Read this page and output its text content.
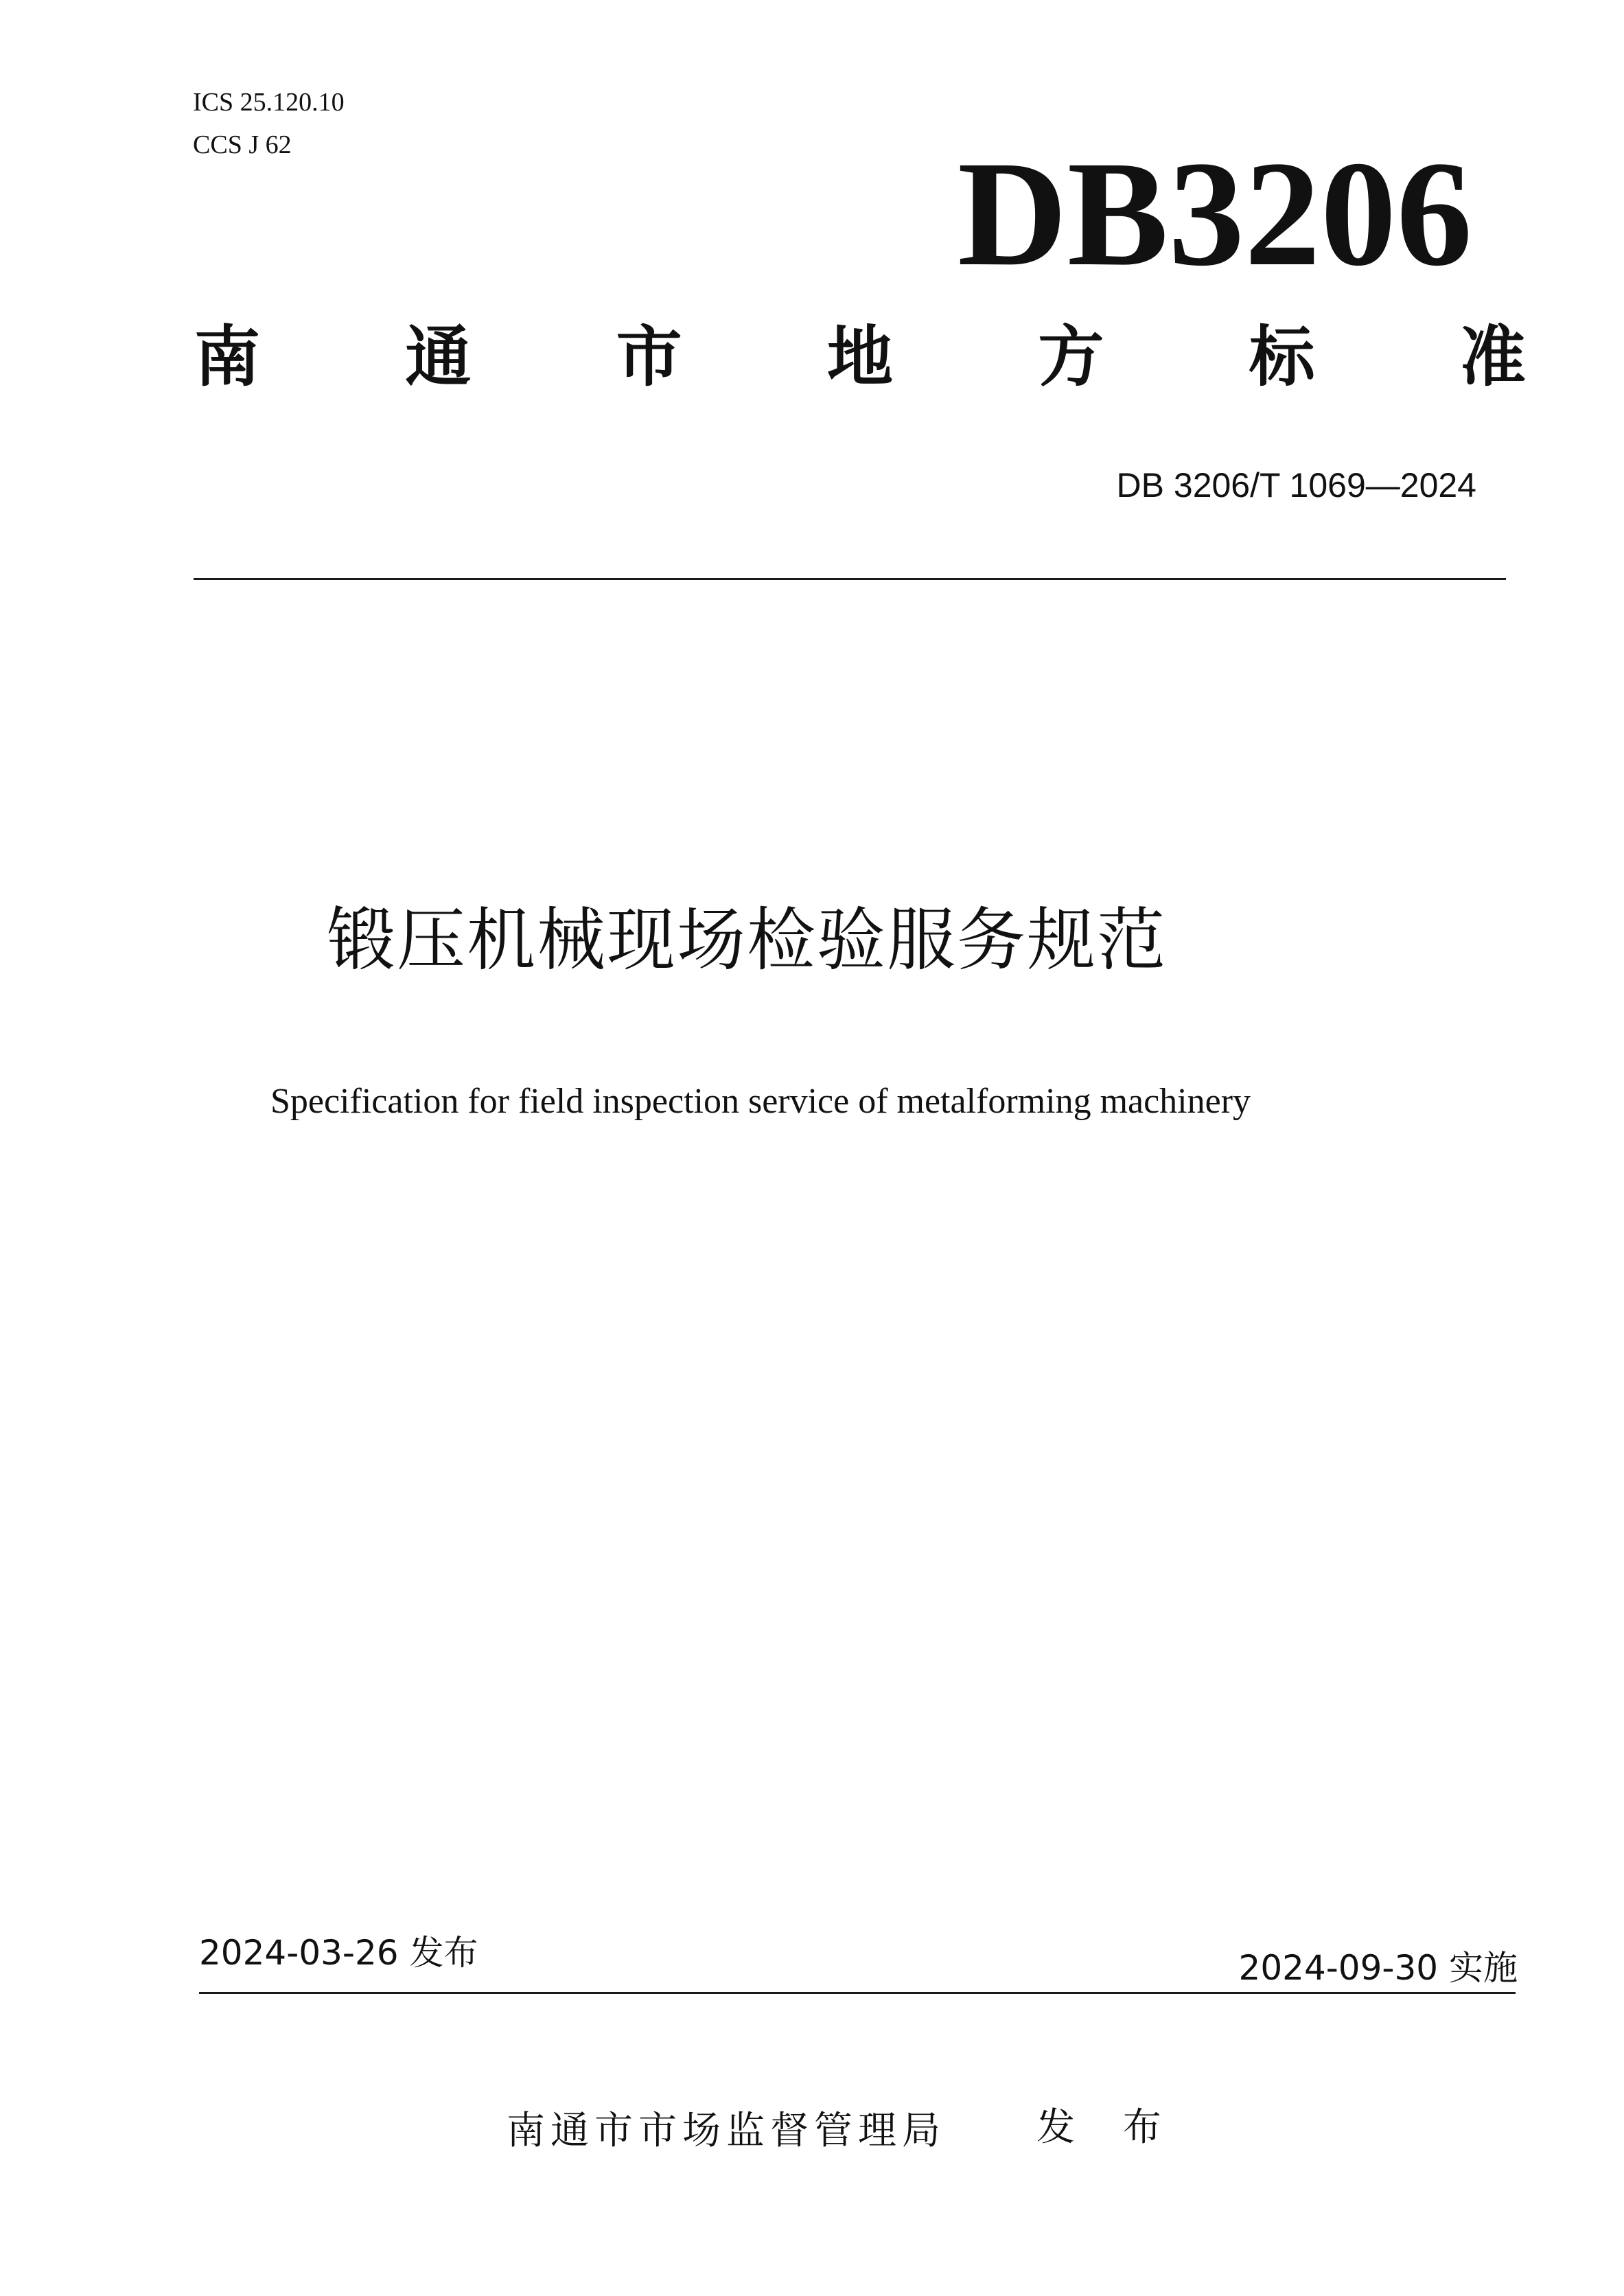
ICS 25.120.10
CCS J 62	DB3206
南 通 市 地 方 标 准
DB 3206/T 1069—2024
锻压机械现场检验服务规范
Specification for field inspection service of metalforming machinery
2024-03-26 发布	2024-09-30 实施
南通市市场监督管理局 发 布
